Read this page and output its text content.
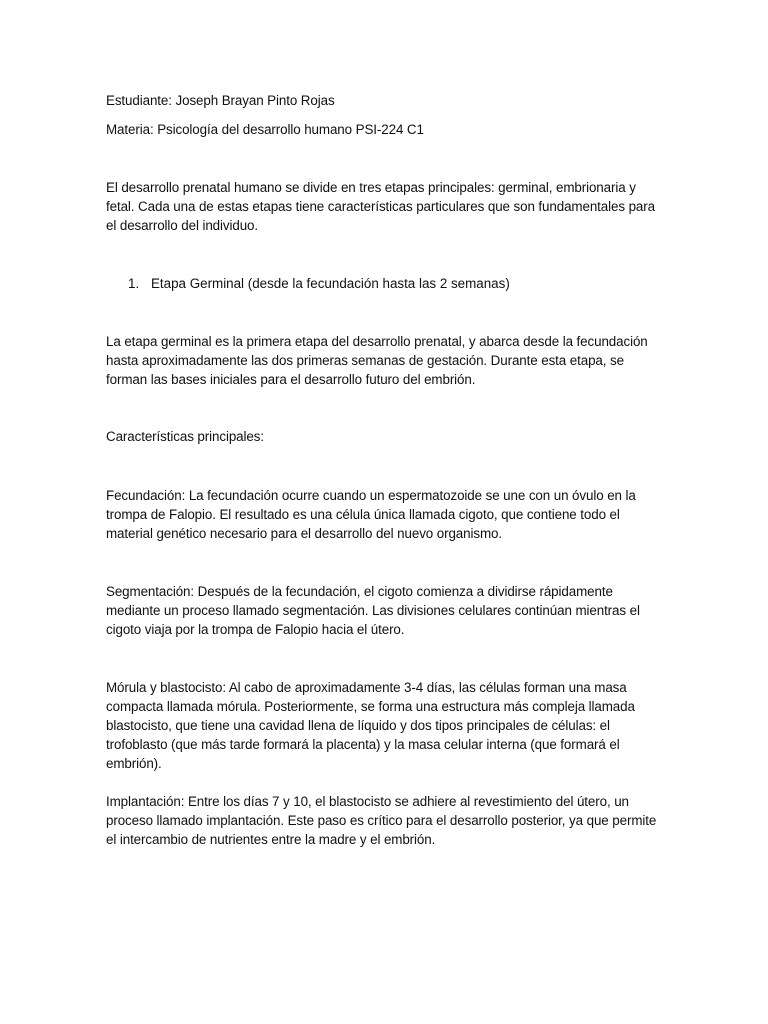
Estudiante: Joseph Brayan Pinto Rojas

Materia: Psicología del desarrollo humano PSI-224 C1

El desarrollo prenatal humano se divide en tres etapas principales: germinal, embrionaria y fetal. Cada una de estas etapas tiene características particulares que son fundamentales para el desarrollo del individuo.

1. Etapa Germinal (desde la fecundación hasta las 2 semanas)

La etapa germinal es la primera etapa del desarrollo prenatal, y abarca desde la fecundación hasta aproximadamente las dos primeras semanas de gestación. Durante esta etapa, se forman las bases iniciales para el desarrollo futuro del embrión.

Características principales:

Fecundación: La fecundación ocurre cuando un espermatozoide se une con un óvulo en la trompa de Falopio. El resultado es una célula única llamada cigoto, que contiene todo el material genético necesario para el desarrollo del nuevo organismo.

Segmentación: Después de la fecundación, el cigoto comienza a dividirse rápidamente mediante un proceso llamado segmentación. Las divisiones celulares continúan mientras el cigoto viaja por la trompa de Falopio hacia el útero.

Mórula y blastocisto: Al cabo de aproximadamente 3-4 días, las células forman una masa compacta llamada mórula. Posteriormente, se forma una estructura más compleja llamada blastocisto, que tiene una cavidad llena de líquido y dos tipos principales de células: el trofoblasto (que más tarde formará la placenta) y la masa celular interna (que formará el embrión).

Implantación: Entre los días 7 y 10, el blastocisto se adhiere al revestimiento del útero, un proceso llamado implantación. Este paso es crítico para el desarrollo posterior, ya que permite el intercambio de nutrientes entre la madre y el embrión.
